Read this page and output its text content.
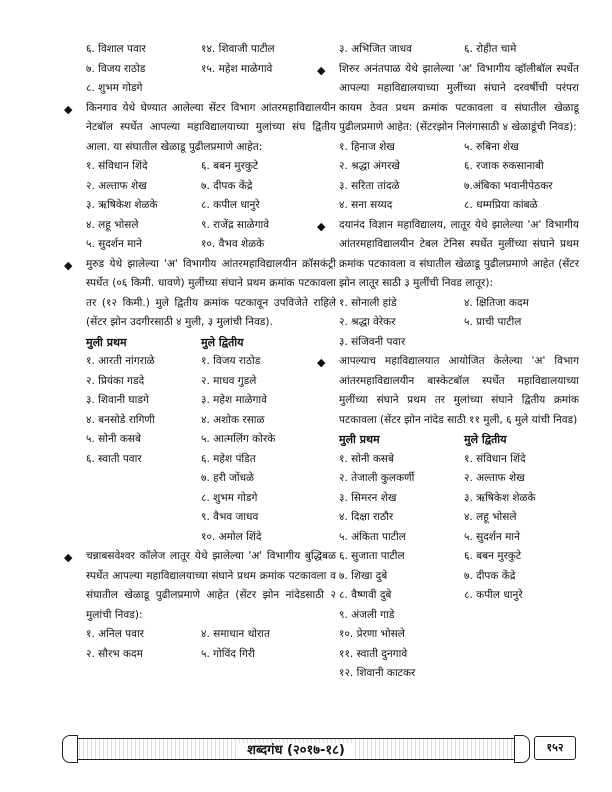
६. विशाल पवार	१४. शिवाजी पाटील
७. विजय राठोड	१५. महेश माळेगावे
८. शुभम गोडगे
◆ किनगाव येथे घेण्यात आलेल्या सेंटर विभाग आंतरमहाविद्यालयीन नेटबॉल स्पर्धेत आपल्या महाविद्यालयाच्या मुलांच्या संघ द्वितीय आला. या संघातील खेळाडू पुढीलप्रमाणे आहेत:
१. संविधान शिंदे	६. बबन मुरकुटे
२. अल्ताफ शेख	७. दीपक केंद्रे
३. ऋषिकेश शेळके	८. कपील धानुरे
४. लहू भोसले	९. राजेंद्र साळेगावे
५. सुदर्शन माने	१०. वैभव शेळके
◆ मुरुड येथे झालेल्या 'अ' विभागीय आंतरमहाविद्यालयीन क्रॉसकंट्री स्पर्धेत (०६ किमी. धावणे) मुलींच्या संघाने प्रथम क्रमांक पटकावला तर (१२ किमी.) मुले द्वितीय क्रमांक पटकावून उपविजेते राहिले (सेंटर झोन उदगीरसाठी ४ मुली, ३ मुलांची निवड).
मुली प्रथम	मुले द्वितीय
१. आरती नांगराळे	१. विजय राठोड
२. प्रियंका गडदे	२. माधव गुडले
३. शिवानी घाडगे	३. महेश माळेगावे
४. बनसोडे रागिणी	४. अशोक रसाळ
५. सोनी कसबे	५. आत्मलिंग कोरके
६. स्वाती पवार	६. महेश पंडित
७. हरी जोंधळे
८. शुभम गोडगे
९. वैभव जाधव
१०. अमोल शिंदे
◆ चन्नाबसवेश्वर कॉलेज लातूर येथे झालेल्या 'अ' विभागीय बुद्धिबळ स्पर्धेत आपल्या महाविद्यालयाच्या संघाने प्रथम क्रमांक पटकावला व संघातील खेळाडू पुढीलप्रमाणे आहेत (सेंटर झोन नांदेडसाठी २ मुलांची निवड):
१. अनिल पवार	४. समाधान थोरात
२. सौरभ कदम	५. गोविंद गिरी
३. अभिजित जाधव	६. रोहीत चामे
◆ शिरुर अनंतपाळ येथे झालेल्या 'अ' विभागीय व्हॉलीबॉल स्पर्धेत आपल्या महाविद्यालयाच्या मुलींच्या संघाने दरवर्षीची परंपरा कायम ठेवत प्रथम क्रमांक पटकावला व संघातील खेळाडू पुढीलप्रमाणे आहेत: (सेंटरझोन निलंगासाठी ४ खेळाडूंची निवड):
१. हिनाज शेख	५. रुबिना शेख
२. श्रद्धा अंगरखे	६. रजाक रुकसानाबी
३. सरिता तांदळे	७.अंबिका भवानीपेठकर
४. सना सय्यद	८. धम्मप्रिया कांबळे
◆ दयानंद विज्ञान महाविद्यालय, लातूर येथे झालेल्या 'अ' विभागीय आंतरमहाविद्यालयीन टेबल टेनिस स्पर्धेत मुलींच्या संघाने प्रथम क्रमांक पटकावला व संघातील खेळाडू पुढीलप्रमाणे आहेत (सेंटर झोन लातूर साठी ३ मुलींची निवड लातूर):
१. सोनाली हांडे	४. क्षितिजा कदम
२. श्रद्धा वेरेकर	५. प्राची पाटील
३. संजिवनी पवार
◆ आपल्याच महाविद्यालयात आयोजित केलेल्या 'अ' विभाग आंतरमहाविद्यालयीन बास्केटबॉल स्पर्धेत महाविद्यालयाच्या मुलींच्या संघाने प्रथम तर मुलांच्या संघाने द्वितीय क्रमांक पटकावला (सेंटर झोन नांदेड साठी ११ मुली, ६ मुले यांची निवड)
मुली प्रथम	मुले द्वितीय
१. सोनी कसबे	१. संविधान शिंदे
२. तेजाली कुलकर्णी	२. अल्ताफ शेख
३. सिमरन शेख	३. ऋषिकेश शेळके
४. दिक्षा राठौर	४. लहू भोसले
५. अंकिता पाटील	५. सुदर्शन माने
६. सुजाता पाटील	६. बबन मुरकुटे
७. शिखा दुबे	७. दीपक केंद्रे
८. वैष्णवी दुबे	८. कपील धानुरे
९. अंजली गाडे
१०. प्रेरणा भोसले
११. स्वाती दुनगावे
१२. शिवानी काटकर
शब्दगंध (२०१७-१८)	१५२
